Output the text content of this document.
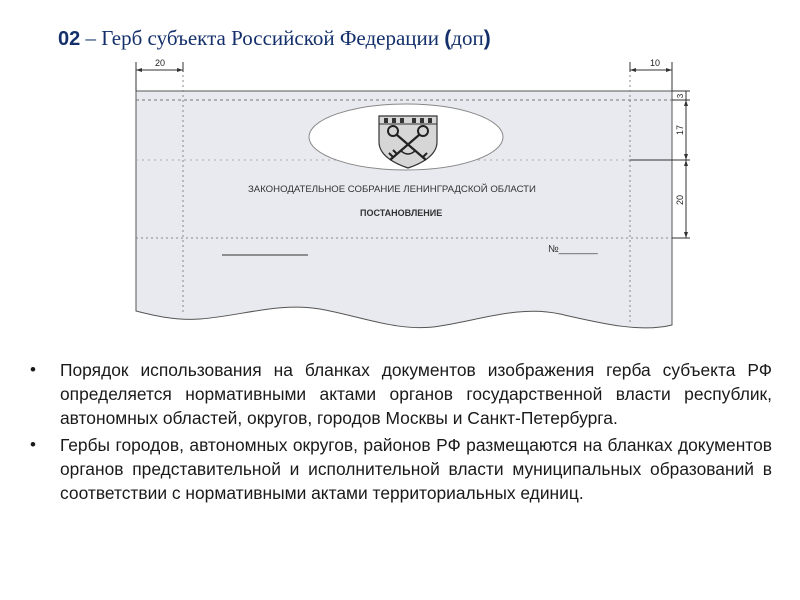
02 – Герб субъекта Российской Федерации (доп)
20	10
3
17
20
ЗАКОНОДАТЕЛЬНОЕ СОБРАНИЕ ЛЕНИНГРАДСКОЙ ОБЛАСТИ
ПОСТАНОВЛЕНИЕ
№_______
• Порядок использования на бланках документов изображения герба субъекта РФ определяется нормативными актами органов государственной власти республик, автономных областей, округов, городов Москвы и Санкт-Петербурга.
• Гербы городов, автономных округов, районов РФ размещаются на бланках документов органов представительной и исполнительной власти муниципальных образований в соответствии с нормативными актами территориальных единиц.
